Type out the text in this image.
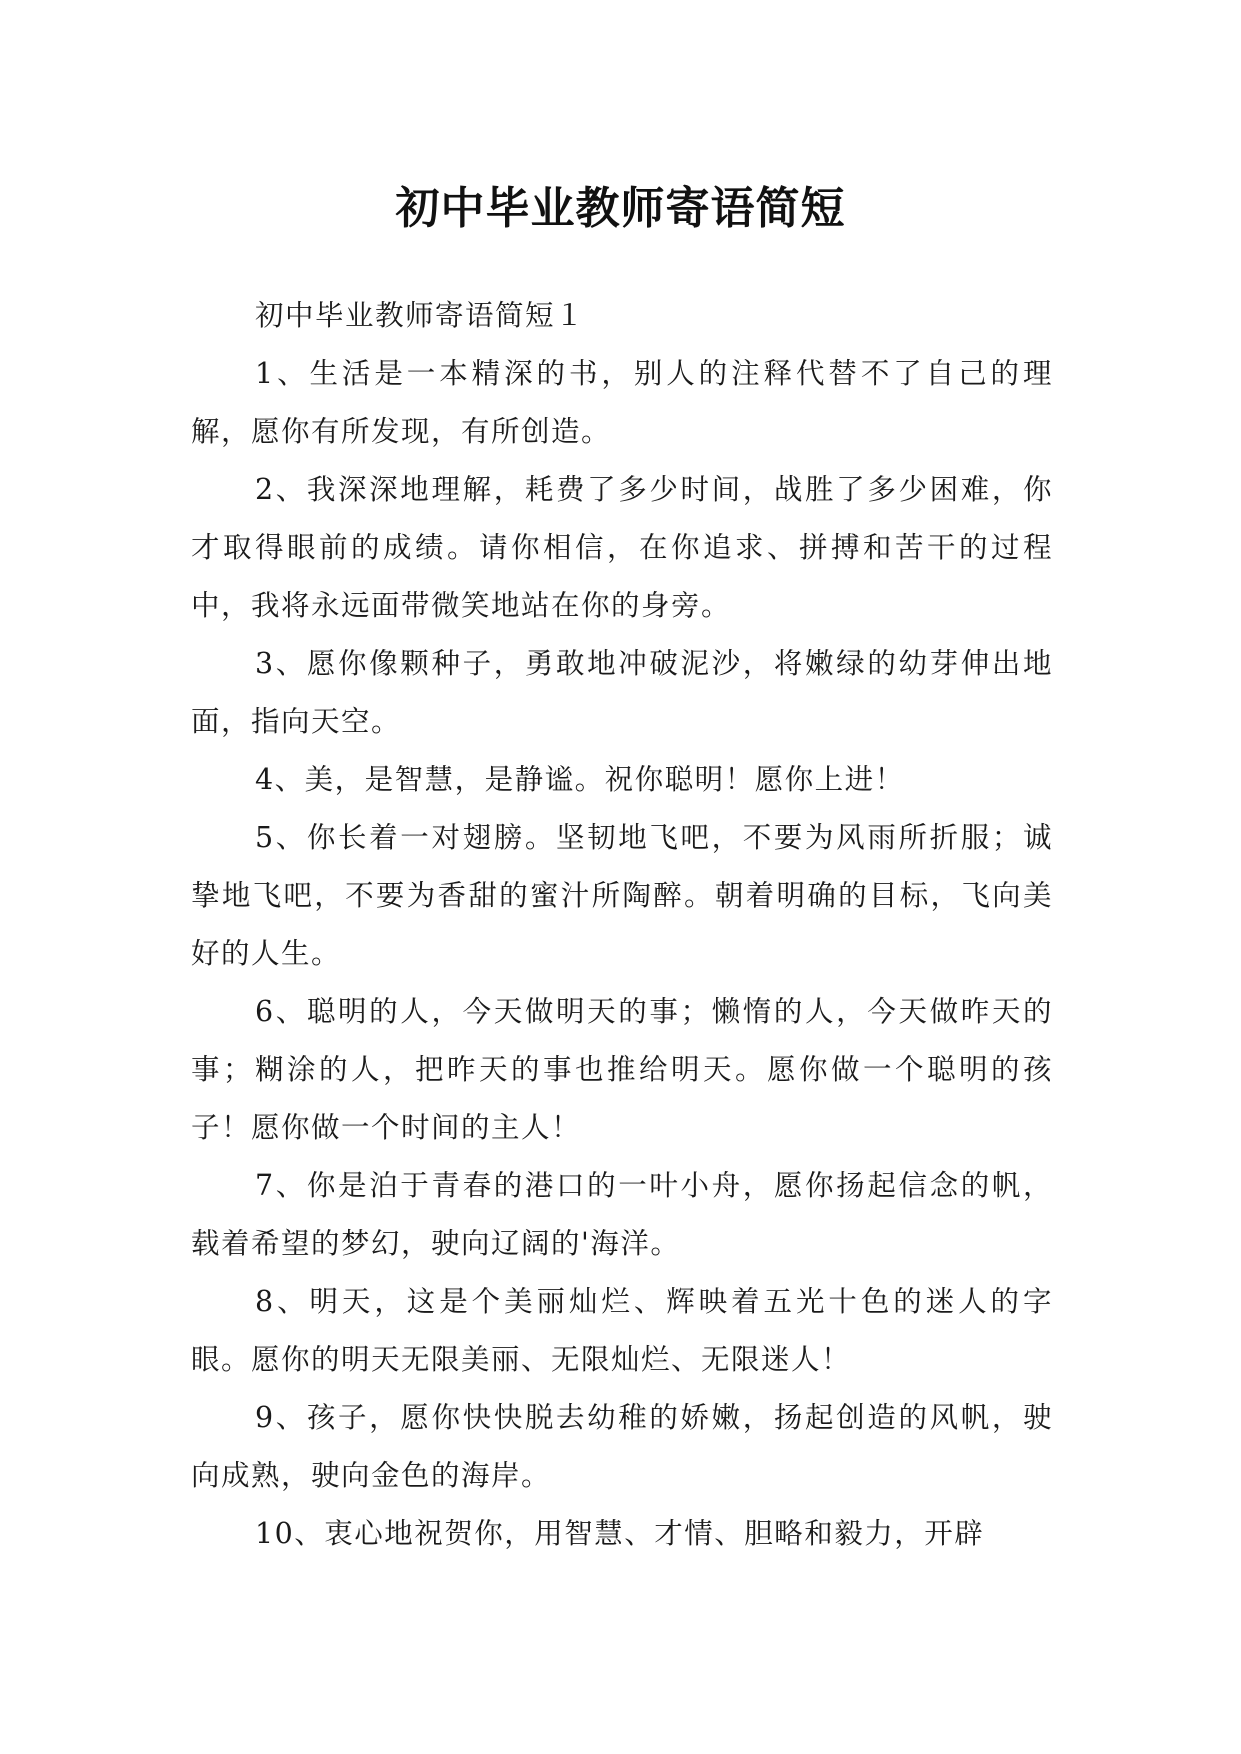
初中毕业教师寄语简短

初中毕业教师寄语简短１

1、生活是一本精深的书，别人的注释代替不了自己的理解，愿你有所发现，有所创造。

2、我深深地理解，耗费了多少时间，战胜了多少困难，你才取得眼前的成绩。请你相信，在你追求、拼搏和苦干的过程中，我将永远面带微笑地站在你的身旁。

3、愿你像颗种子，勇敢地冲破泥沙，将嫩绿的幼芽伸出地面，指向天空。

4、美，是智慧，是静谧。祝你聪明！愿你上进！

5、你长着一对翅膀。坚韧地飞吧，不要为风雨所折服；诚挚地飞吧，不要为香甜的蜜汁所陶醉。朝着明确的目标，飞向美好的人生。

6、聪明的人，今天做明天的事；懒惰的人，今天做昨天的事；糊涂的人，把昨天的事也推给明天。愿你做一个聪明的孩子！愿你做一个时间的主人！

7、你是泊于青春的港口的一叶小舟，愿你扬起信念的帆，载着希望的梦幻，驶向辽阔的'海洋。

8、明天，这是个美丽灿烂、辉映着五光十色的迷人的字眼。愿你的明天无限美丽、无限灿烂、无限迷人！

9、孩子，愿你快快脱去幼稚的娇嫩，扬起创造的风帆，驶向成熟，驶向金色的海岸。

10、衷心地祝贺你，用智慧、才情、胆略和毅力，开辟
